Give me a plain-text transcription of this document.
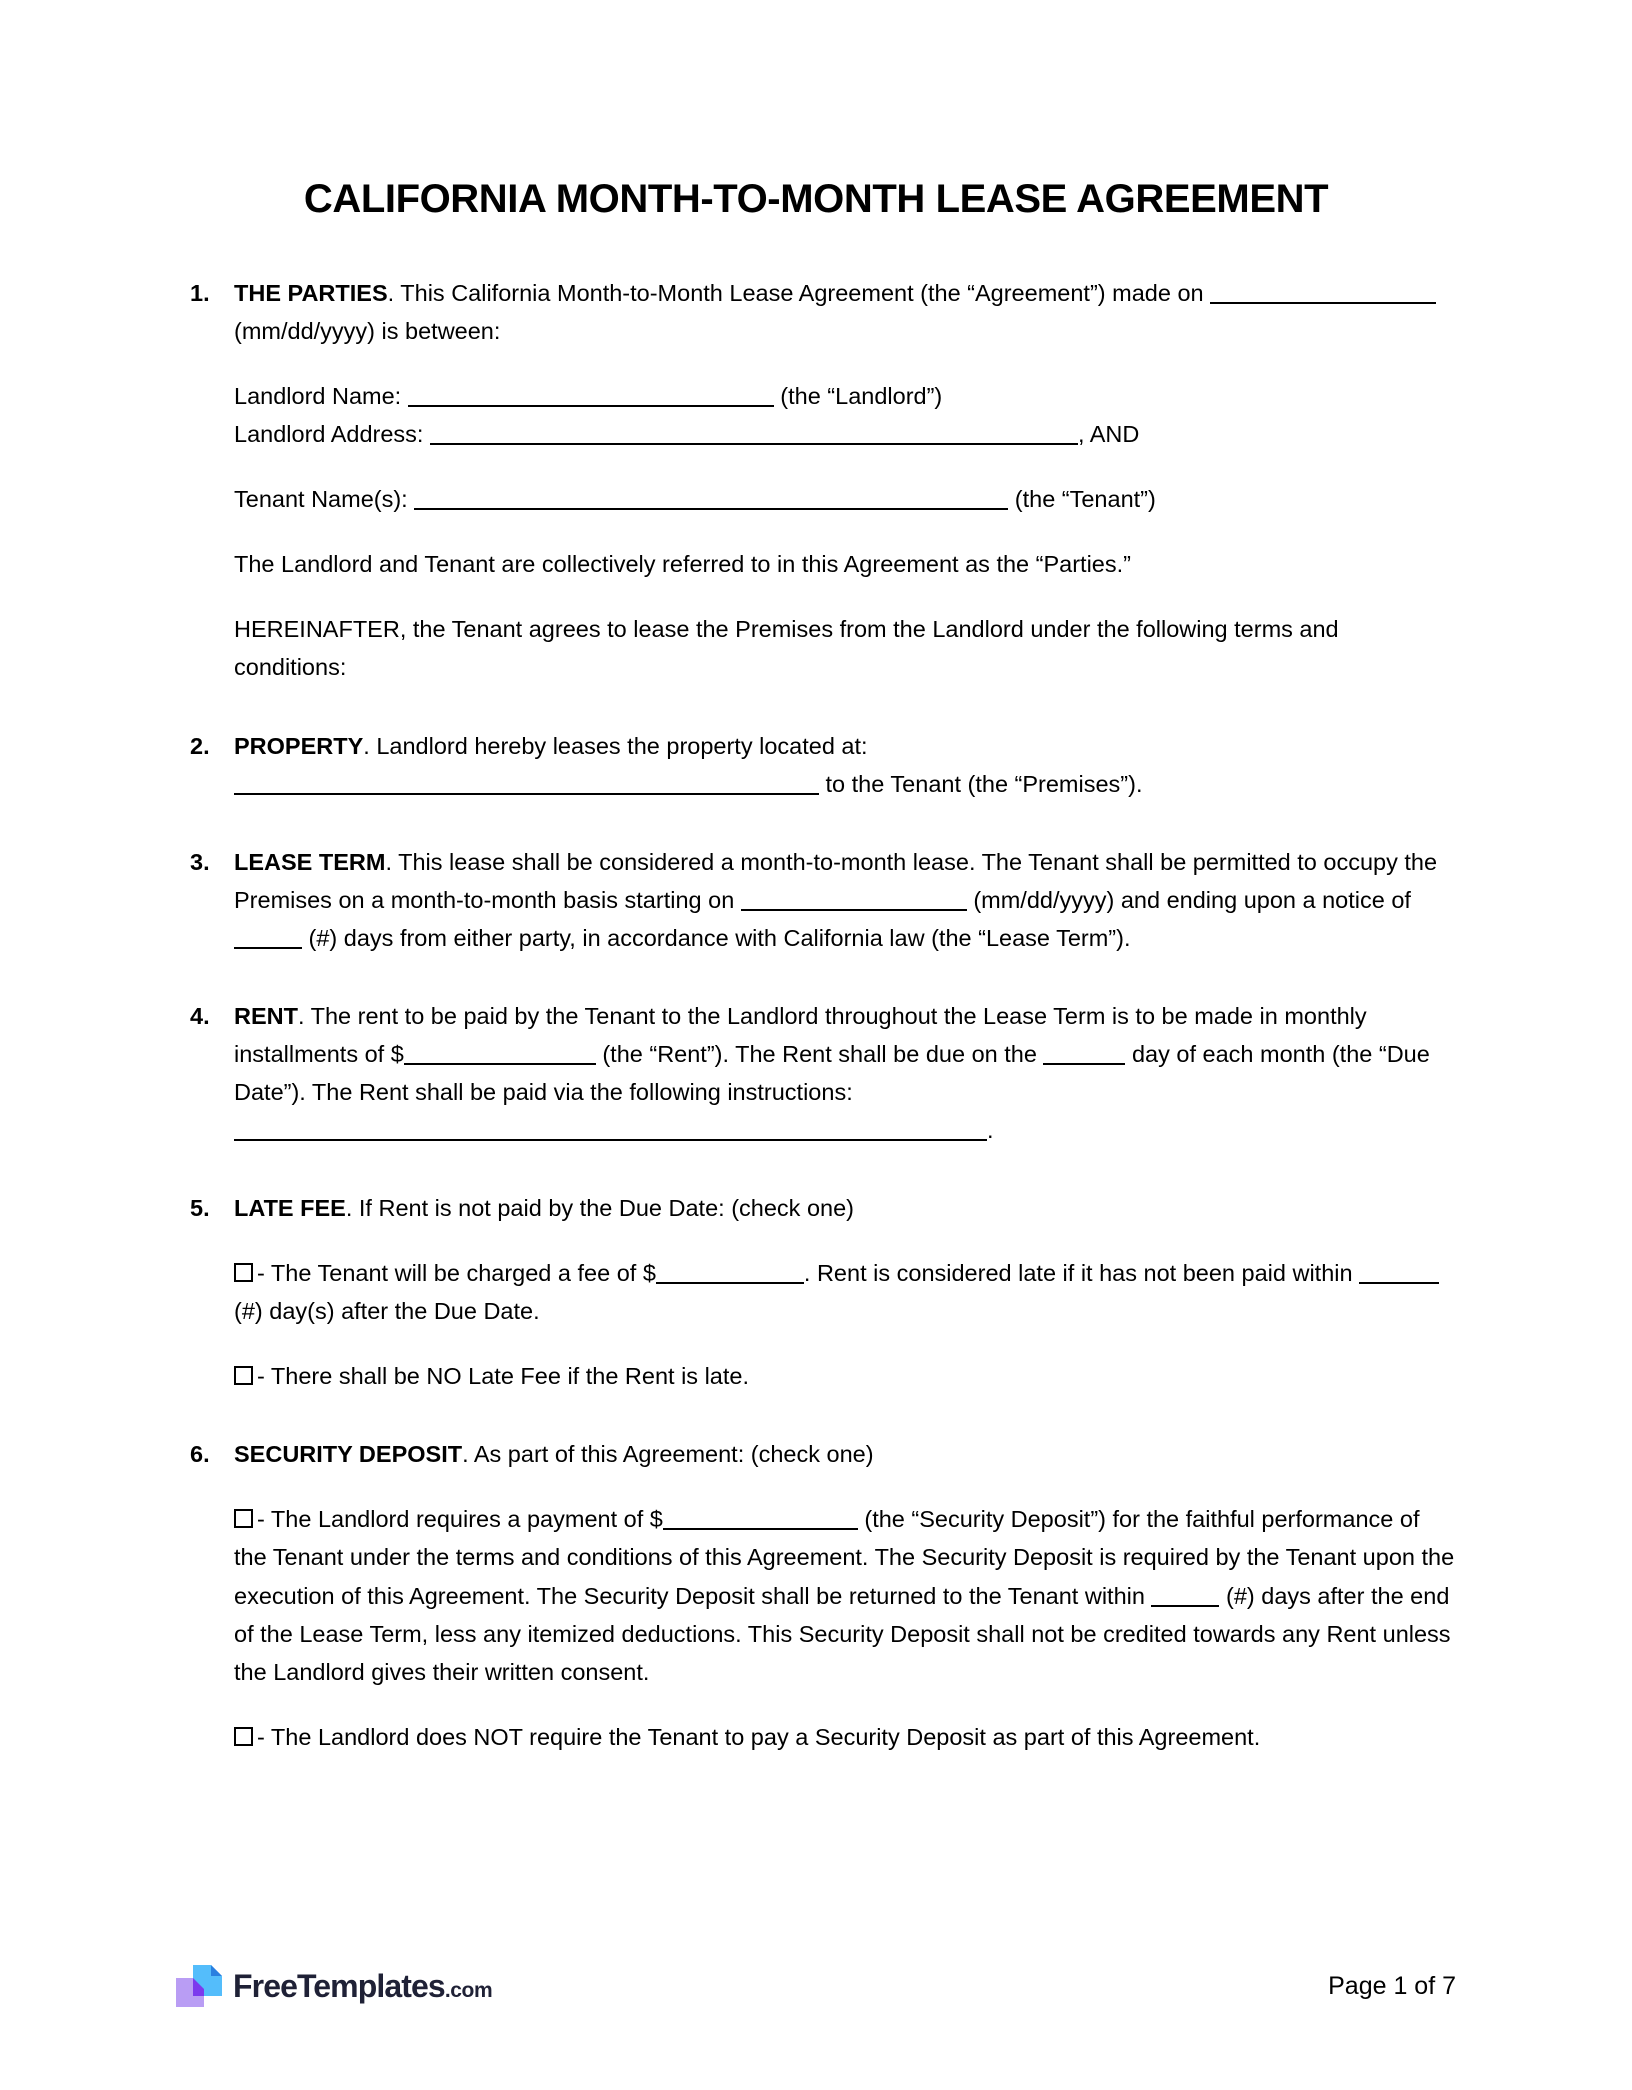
CALIFORNIA MONTH-TO-MONTH LEASE AGREEMENT
1.	THE PARTIES. This California Month-to-Month Lease Agreement (the “Agreement”) made on  (mm/dd/yyyy) is between:

Landlord Name:	(the “Landlord”)

Landlord Address:	, AND

Tenant Name(s):	(the “Tenant”)

The Landlord and Tenant are collectively referred to in this Agreement as the “Parties.”

HEREINAFTER, the Tenant agrees to lease the Premises from the Landlord under the following terms and conditions:

2.	PROPERTY. Landlord hereby leases the property located at:
to the Tenant (the “Premises”).

3.	LEASE TERM. This lease shall be considered a month-to-month lease. The Tenant shall be permitted to occupy the Premises on a month-to-month basis starting on	(mm/dd/yyyy) and ending upon a notice of  (#) days from either party, in accordance with California law (the “Lease Term”).

4.	RENT. The rent to be paid by the Tenant to the Landlord throughout the Lease Term is to be made in monthly installments of $	(the “Rent”). The Rent shall be due on the	day of each month (the “Due Date”). The Rent shall be paid via the following instructions: .

5.	LATE FEE. If Rent is not paid by the Due Date: (check one)

- The Tenant will be charged a fee of $	. Rent is considered late if it has not been paid within  (#) day(s) after the Due Date.
- There shall be NO Late Fee if the Rent is late.
6.	SECURITY DEPOSIT. As part of this Agreement: (check one)

- The Landlord requires a payment of $	(the “Security Deposit”) for the faithful performance of the Tenant under the terms and conditions of this Agreement. The Security Deposit is required by the Tenant upon the execution of this Agreement. The Security Deposit shall be returned to the Tenant within	(#) days after the end of the Lease Term, less any itemized deductions. This Security Deposit shall not be credited towards any Rent unless the Landlord gives their written consent.
- The Landlord does NOT require the Tenant to pay a Security Deposit as part of this Agreement.
FreeTemplates.com	Page 1 of 7
